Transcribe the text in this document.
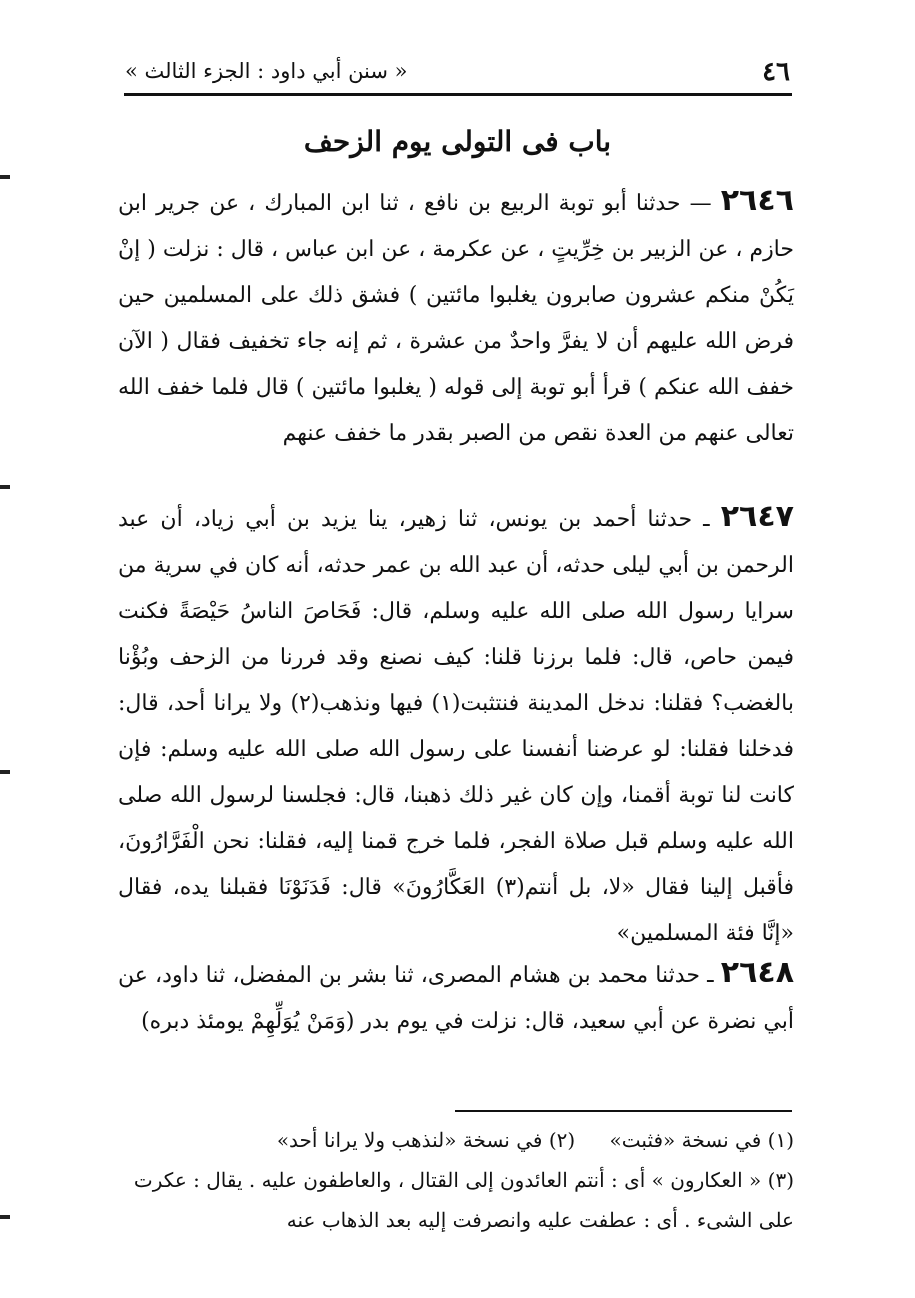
٤٦
« سنن أبي داود : الجزء الثالث »
باب فى التولى يوم الزحف
٢٦٤٦ — حدثنا أبو توبة الربيع بن نافع ، ثنا ابن المبارك ، عن جرير ابن حازم ، عن الزبير بن خِرِّيتٍ ، عن عكرمة ، عن ابن عباس ، قال : نزلت ( إنْ يَكُنْ منكم عشرون صابرون يغلبوا مائتين ) فشق ذلك على المسلمين حين فرض الله عليهم أن لا يفرَّ واحدٌ من عشرة ، ثم إنه جاء تخفيف فقال ( الآن خفف الله عنكم ) قرأ أبو توبة إلى قوله ( يغلبوا مائتين ) قال فلما خفف الله تعالى عنهم من العدة نقص من الصبر بقدر ما خفف عنهم
٢٦٤٧ ـ حدثنا أحمد بن يونس، ثنا زهير، ينا يزيد بن أبي زياد، أن عبد الرحمن بن أبي ليلى حدثه، أن عبد الله بن عمر حدثه، أنه كان في سرية من سرايا رسول الله صلى الله عليه وسلم، قال: فَحَاصَ الناسُ حَيْصَةً فكنت فيمن حاص، قال: فلما برزنا قلنا: كيف نصنع وقد فررنا من الزحف وبُؤْنا بالغضب؟ فقلنا: ندخل المدينة فنتثبت(١) فيها ونذهب(٢) ولا يرانا أحد، قال: فدخلنا فقلنا: لو عرضنا أنفسنا على رسول الله صلى الله عليه وسلم: فإن كانت لنا توبة أقمنا، وإن كان غير ذلك ذهبنا، قال: فجلسنا لرسول الله صلى الله عليه وسلم قبل صلاة الفجر، فلما خرج قمنا إليه، فقلنا: نحن الْفَرَّارُونَ، فأقبل إلينا فقال «لا، بل أنتم(٣) العَكَّارُونَ» قال: فَدَنَوْنَا فقبلنا يده، فقال «إنَّا فئة المسلمين»
٢٦٤٨ ـ حدثنا محمد بن هشام المصرى، ثنا بشر بن المفضل، ثنا داود، عن أبي نضرة عن أبي سعيد، قال: نزلت في يوم بدر (وَمَنْ يُوَلِّهِمْ يومئذ دبره)
(١) في نسخة «فثبت» (٢) في نسخة «لنذهب ولا يرانا أحد»
(٣) « العكارون » أى : أنتم العائدون إلى القتال ، والعاطفون عليه . يقال : عكرت على الشىء . أى : عطفت عليه وانصرفت إليه بعد الذهاب عنه
